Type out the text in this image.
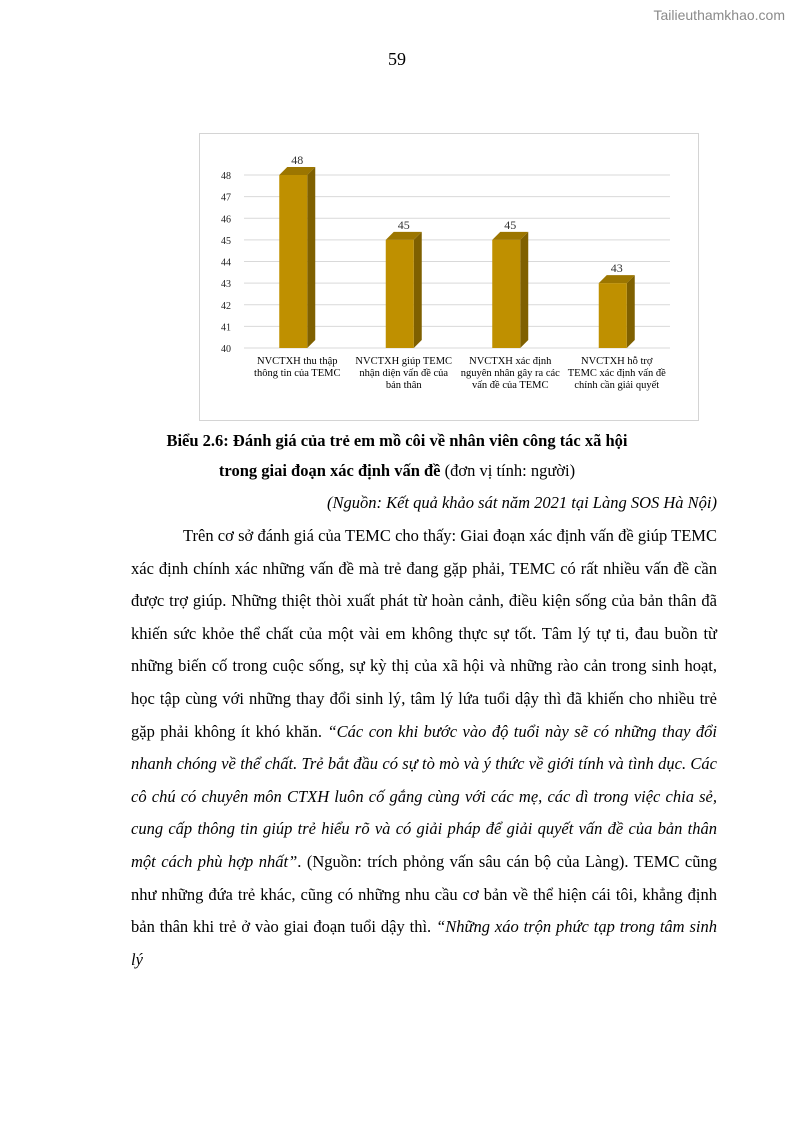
Tailieuthamkhao.com
59
40
41
42
43
44
45
46
47
48
48
45	45
43
NVCTXH thu thập thông tin của TEMC
NVCTXH giúp TEMC nhận diện vấn đề của bản thân
NVCTXH xác định nguyên nhân gây ra các vấn đề của TEMC
NVCTXH hỗ trợ TEMC xác định vấn đề chính cần giải quyết
Biểu 2.6: Đánh giá của trẻ em mồ côi về nhân viên công tác xã hội
trong giai đoạn xác định vấn đề (đơn vị tính: người)
(Nguồn: Kết quả khảo sát năm 2021 tại Làng SOS Hà Nội)

Trên cơ sở đánh giá của TEMC cho thấy: Giai đoạn xác định vấn đề giúp TEMC xác định chính xác những vấn đề mà trẻ đang gặp phải, TEMC có rất nhiều vấn đề cần được trợ giúp. Những thiệt thòi xuất phát từ hoàn cảnh, điều kiện sống của bản thân đã khiến sức khỏe thể chất của một vài em không thực sự tốt. Tâm lý tự ti, đau buồn từ những biến cố trong cuộc sống, sự kỳ thị của xã hội và những rào cản trong sinh hoạt, học tập cùng với những thay đổi sinh lý, tâm lý lứa tuổi dậy thì đã khiến cho nhiều trẻ gặp phải không ít khó khăn. “Các con khi bước vào độ tuổi này sẽ có những thay đổi nhanh chóng về thể chất. Trẻ bắt đầu có sự tò mò và ý thức về giới tính và tình dục. Các cô chú có chuyên môn CTXH luôn cố gắng cùng với các mẹ, các dì trong việc chia sẻ, cung cấp thông tin giúp trẻ hiểu rõ và có giải pháp để giải quyết vấn đề của bản thân một cách phù hợp nhất”. (Nguồn: trích phỏng vấn sâu cán bộ của Làng). TEMC cũng như những đứa trẻ khác, cũng có những nhu cầu cơ bản về thể hiện cái tôi, khẳng định bản thân khi trẻ ở vào giai đoạn tuổi dậy thì. “Những xáo trộn phức tạp trong tâm sinh lý
